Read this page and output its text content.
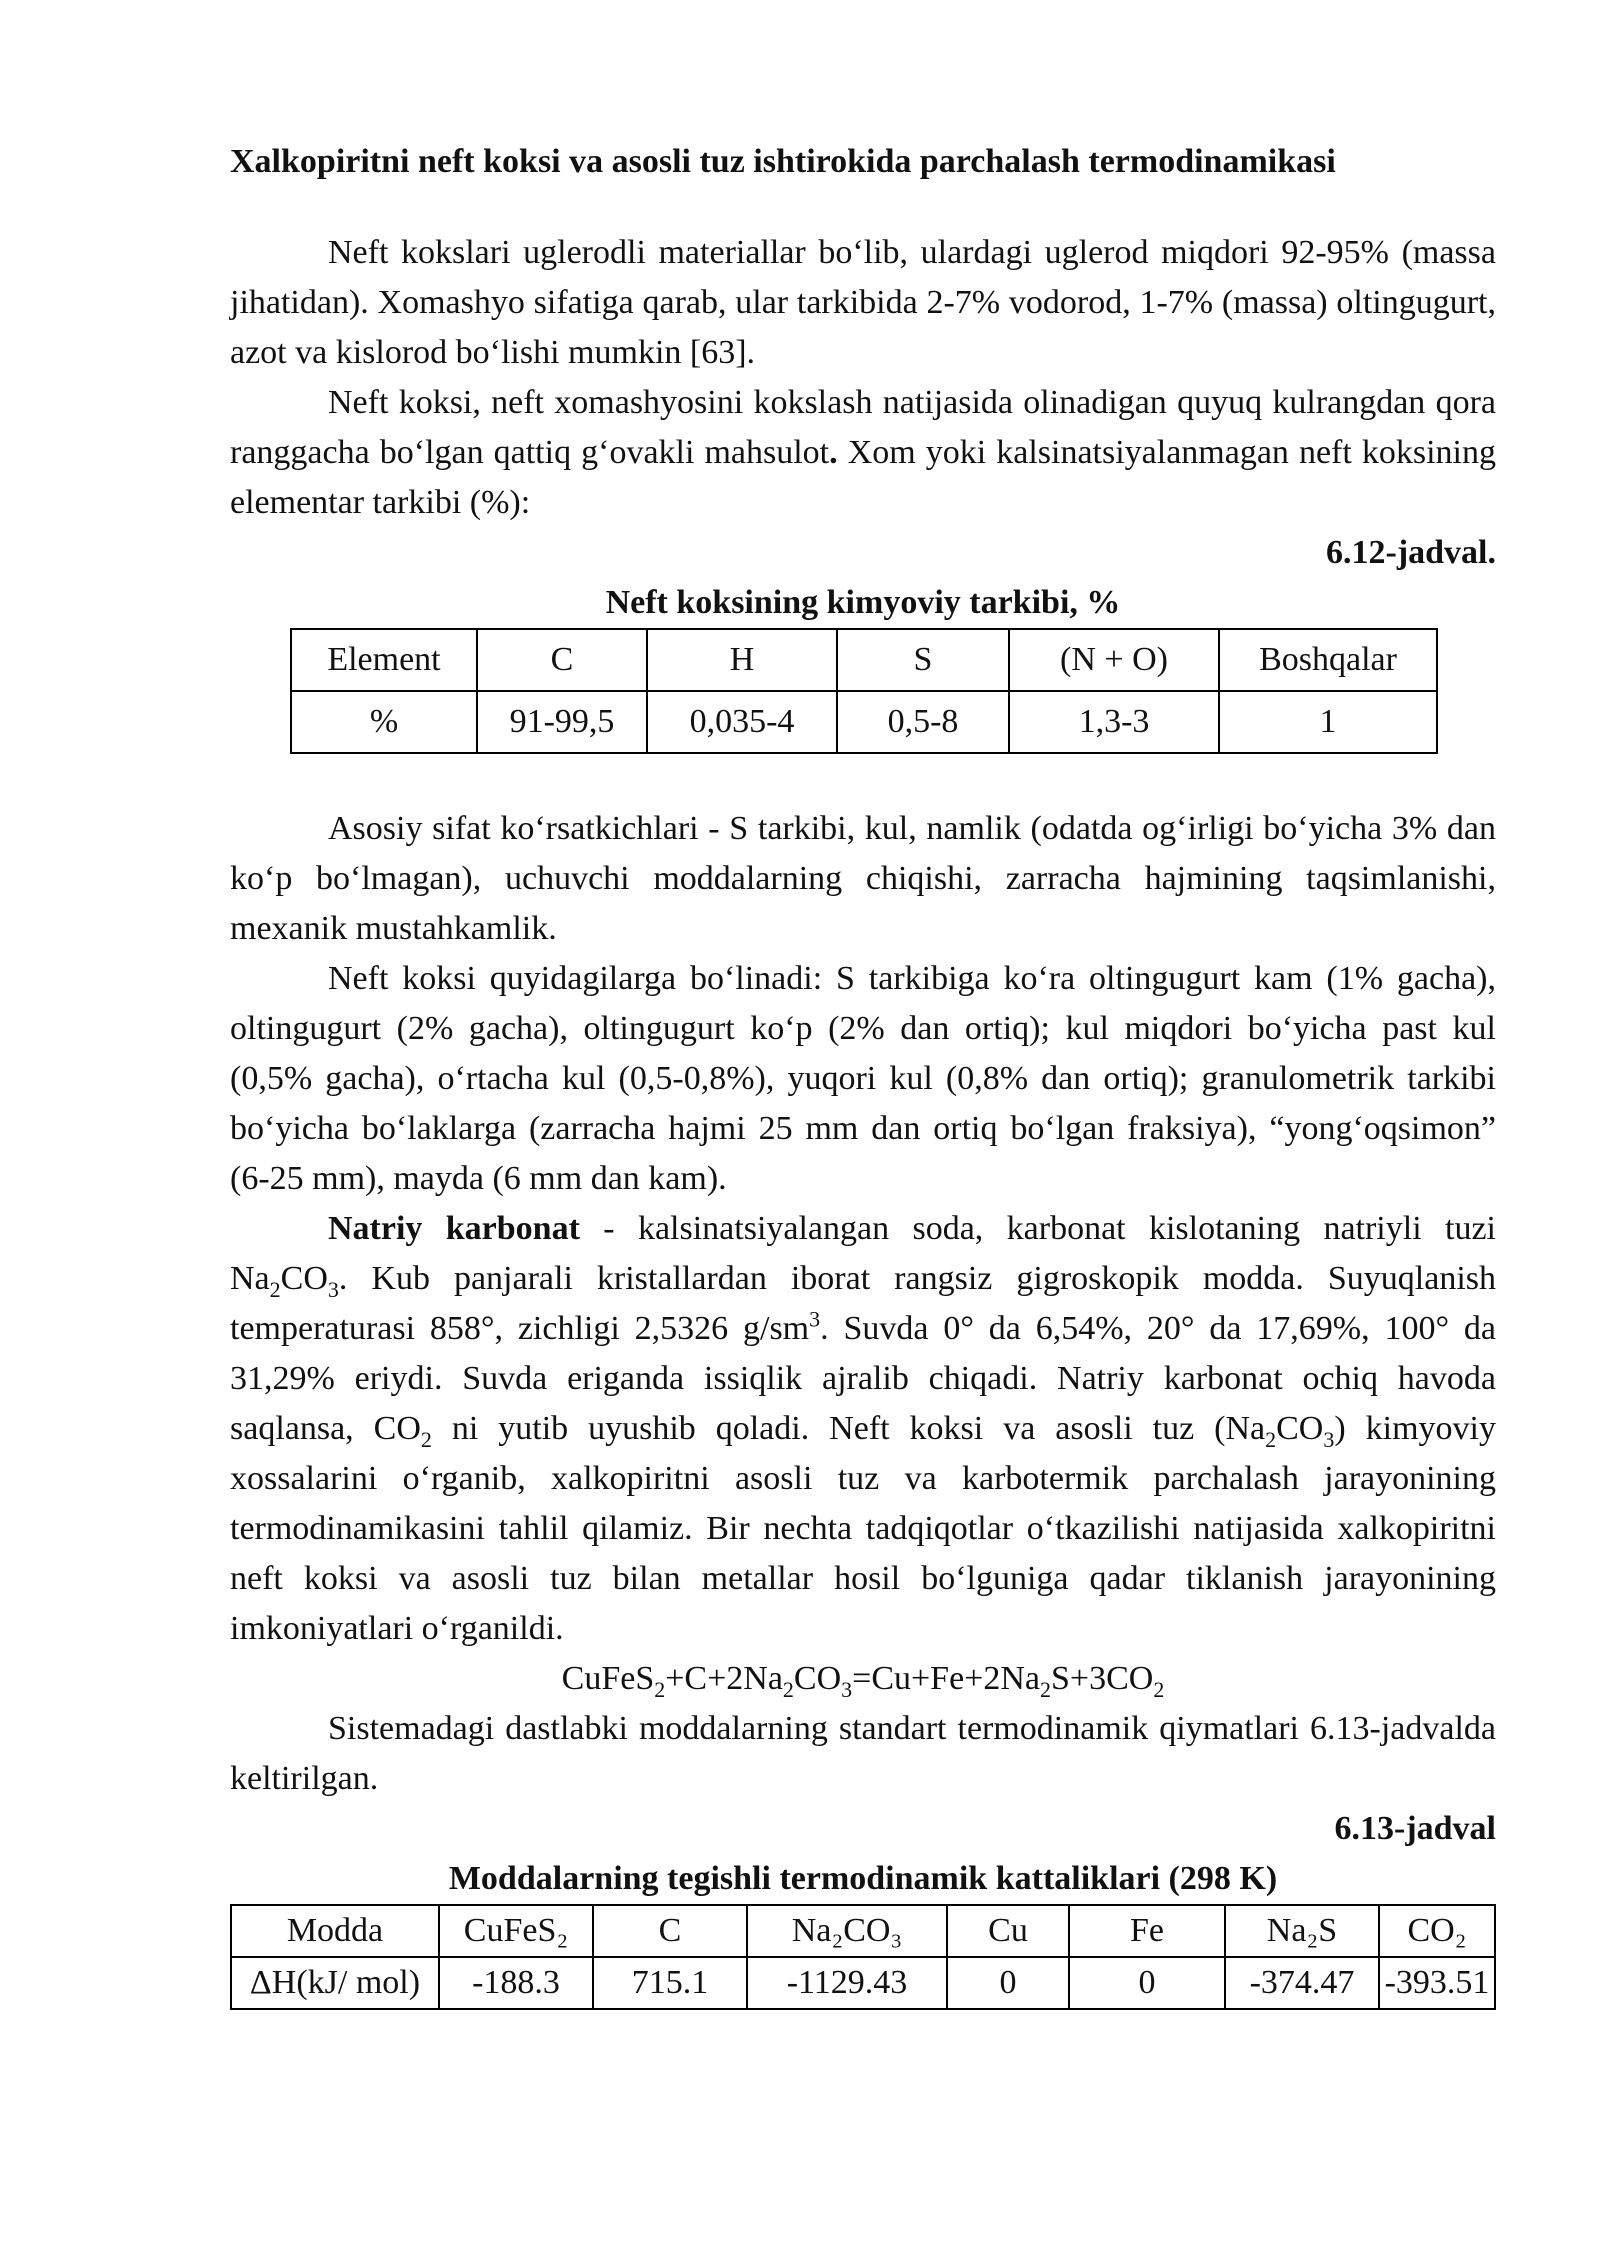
Xalkopiritni neft koksi va asosli tuz ishtirokida parchalash termodinamikasi

Neft kokslari uglerodli materiallar bo‘lib, ulardagi uglerod miqdori 92-95% (massa jihatidan). Xomashyo sifatiga qarab, ular tarkibida 2-7% vodorod, 1-7% (massa) oltingugurt, azot va kislorod bo‘lishi mumkin [63].

Neft koksi, neft xomashyosini kokslash natijasida olinadigan quyuq kulrangdan qora ranggacha bo‘lgan qattiq g‘ovakli mahsulot. Xom yoki kalsinatsiyalanmagan neft koksining elementar tarkibi (%):

6.12-jadval.
Neft koksining kimyoviy tarkibi, %
Element	C	H	S	(N + O)	Boshqalar
%	91-99,5	0,035-4	0,5-8	1,3-3	1

Asosiy sifat ko‘rsatkichlari - S tarkibi, kul, namlik (odatda og‘irligi bo‘yicha 3% dan ko‘p bo‘lmagan), uchuvchi moddalarning chiqishi, zarracha hajmining taqsimlanishi, mexanik mustahkamlik.

Neft koksi quyidagilarga bo‘linadi: S tarkibiga ko‘ra oltingugurt kam (1% gacha), oltingugurt (2% gacha), oltingugurt ko‘p (2% dan ortiq); kul miqdori bo‘yicha past kul (0,5% gacha), o‘rtacha kul (0,5-0,8%), yuqori kul (0,8% dan ortiq); granulometrik tarkibi bo‘yicha bo‘laklarga (zarracha hajmi 25 mm dan ortiq bo‘lgan fraksiya), “yong‘oqsimon” (6-25 mm), mayda (6 mm dan kam).

Natriy karbonat - kalsinatsiyalangan soda, karbonat kislotaning natriyli tuzi $Na_2CO_3$. Kub panjarali kristallardan iborat rangsiz gigroskopik modda. Suyuqlanish temperaturasi 858°, zichligi 2,5326 $g/sm^3$. Suvda 0° da 6,54%, 20° da 17,69%, 100° da 31,29% eriydi. Suvda eriganda issiqlik ajralib chiqadi. Natriy karbonat ochiq havoda saqlansa, $CO_2$ ni yutib uyushib qoladi. Neft koksi va asosli tuz $(Na_2CO_3)$ kimyoviy xossalarini o‘rganib, xalkopiritni asosli tuz va karbotermik parchalash jarayonining termodinamikasini tahlil qilamiz. Bir nechta tadqiqotlar o‘tkazilishi natijasida xalkopiritni neft koksi va asosli tuz bilan metallar hosil bo‘lguniga qadar tiklanish jarayonining imkoniyatlari o‘rganildi.

$CuFeS_2+C+2Na_2CO_3=Cu+Fe+2Na_2S+3CO_2$

Sistemadagi dastlabki moddalarning standart termodinamik qiymatlari 6.13-jadvalda keltirilgan.

6.13-jadval
Moddalarning tegishli termodinamik kattaliklari (298 K)
Modda	CuFeS₂	C	Na₂CO₃	Cu	Fe	Na₂S	CO₂
ΔH(kJ/ mol)	-188.3	715.1	-1129.43	0	0	-374.47	-393.51
